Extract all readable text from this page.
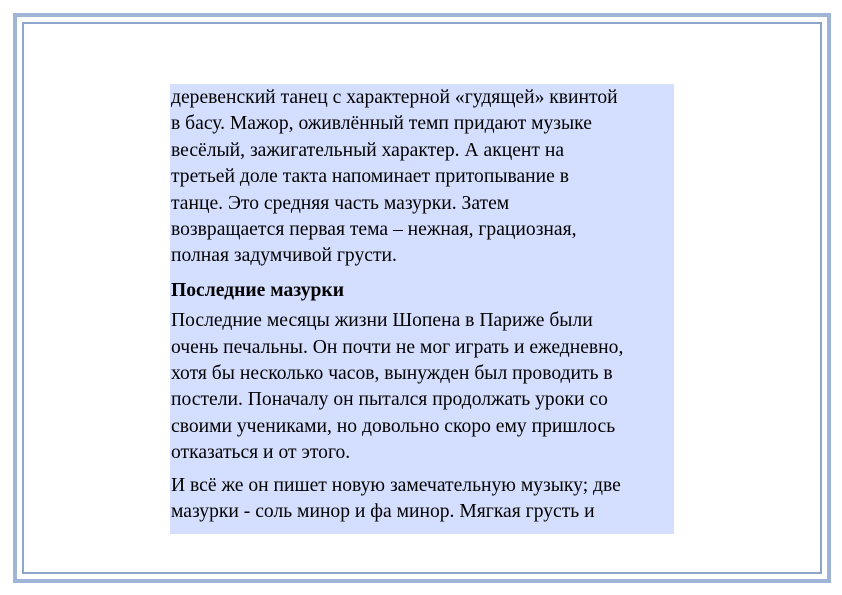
деревенский танец с характерной «гудящей» квинтой
в басу. Мажор, оживлённый темп придают музыке
весёлый, зажигательный характер. А акцент на
третьей доле такта напоминает притопывание в
танце. Это средняя часть мазурки. Затем
возвращается первая тема – нежная, грациозная,
полная задумчивой грусти.

Последние мазурки

Последние месяцы жизни Шопена в Париже были
очень печальны. Он почти не мог играть и ежедневно,
хотя бы несколько часов, вынужден был проводить в
постели. Поначалу он пытался продолжать уроки со
своими учениками, но довольно скоро ему пришлось
отказаться и от этого.

И всё же он пишет новую замечательную музыку; две
мазурки - соль минор и фа минор. Мягкая грусть и
